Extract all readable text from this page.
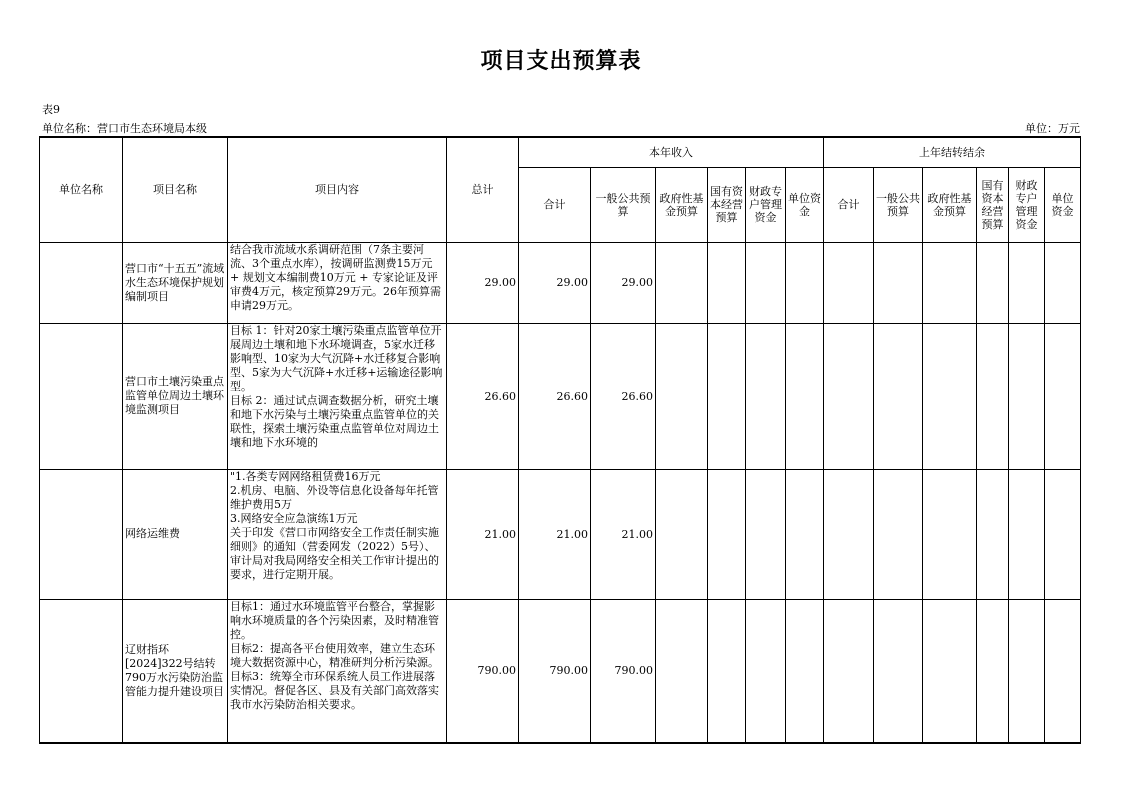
项目支出预算表
表9
单位名称：营口市生态环境局本级	单位：万元
单位名称	项目名称	项目内容	总计	本年收入						上年结转结余					
				合计	一般公共预算	政府性基金预算	国有资本经营预算	财政专户管理资金	单位资金	合计	一般公共预算	政府性基金预算	国有资本经营预算	财政专户管理资金	单位资金
	营口市“十五五”流域水生态环境保护规划编制项目	结合我市流域水系调研范围（7条主要河流、3个重点水库），按调研监测费15万元 + 规划文本编制费10万元 + 专家论证及评审费4万元，核定预算29万元。26年预算需申请29万元。	29.00	29.00	29.00										
	营口市土壤污染重点监管单位周边土壤环境监测项目	目标 1：针对20家土壤污染重点监管单位开展周边土壤和地下水环境调查，5家水迁移影响型、10家为大气沉降+水迁移复合影响型、5家为大气沉降+水迁移+运输途径影响型。
目标 2：通过试点调查数据分析，研究土壤和地下水污染与土壤污染重点监管单位的关联性，探索土壤污染重点监管单位对周边土壤和地下水环境的	26.60	26.60	26.60										
	网络运维费	"1.各类专网网络租赁费16万元
2.机房、电脑、外设等信息化设备每年托管维护费用5万
3.网络安全应急演练1万元
关于印发《营口市网络安全工作责任制实施细则》的通知（营委网发（2022）5号）、审计局对我局网络安全相关工作审计提出的要求，进行定期开展。	21.00	21.00	21.00										
	辽财指环[2024]322号结转790万水污染防治监管能力提升建设项目	目标1：通过水环境监管平台整合，掌握影响水环境质量的各个污染因素，及时精准管控。
目标2：提高各平台使用效率，建立生态环境大数据资源中心，精准研判分析污染源。
目标3：统筹全市环保系统人员工作进展落实情况。督促各区、县及有关部门高效落实我市水污染防治相关要求。	790.00	790.00	790.00										
